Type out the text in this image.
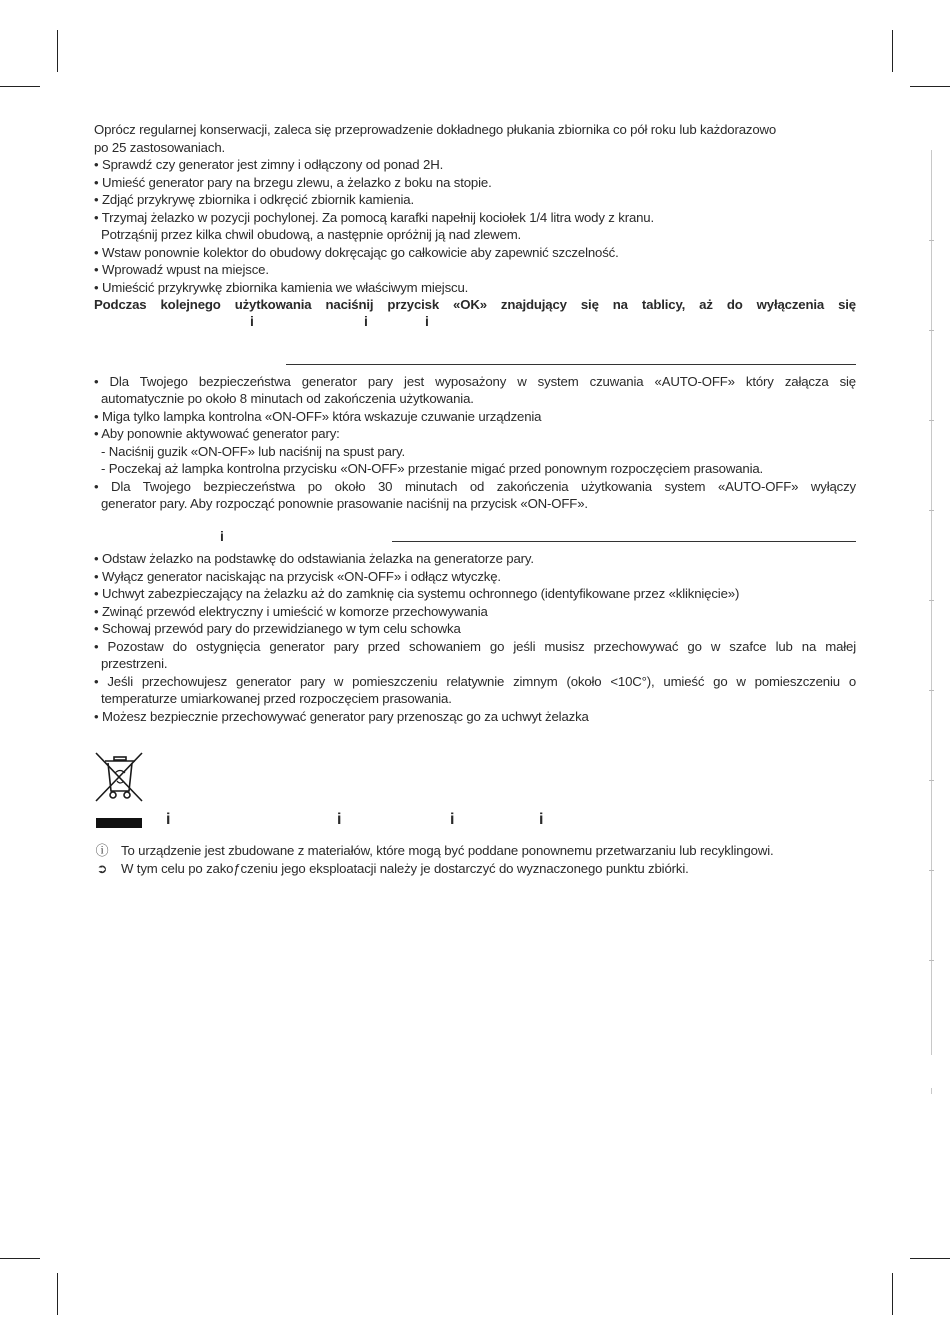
Oprócz regularnej konserwacji, zaleca się przeprowadzenie dokładnego płukania zbiornika co pół roku lub każdorazowo

po 25 zastosowaniach.

• Sprawdź czy generator jest zimny i odłączony od ponad 2H.

• Umieść generator pary na brzegu zlewu, a żelazko z boku na stopie.

• Zdjąć przykrywę zbiornika i odkręcić zbiornik kamienia.

• Trzymaj żelazko w pozycji pochylonej. Za pomocą karafki napełnij kociołek 1/4 litra wody z kranu.

Potrząśnij przez kilka chwil obudową, a następnie opróżnij ją nad zlewem.

• Wstaw ponownie kolektor do obudowy dokręcając go całkowicie aby zapewnić szczelność.

• Wprowadź wpust na miejsce.

• Umieścić przykrywkę zbiornika kamienia we właściwym miejscu.

Podczas kolejnego użytkowania naciśnij przycisk «OK» znajdujący się na tablicy, aż do wyłączenia się

i	i	i

• Dla Twojego bezpieczeństwa generator pary jest wyposażony w system czuwania «AUTO-OFF» który załącza się

automatycznie po około 8 minutach od zakończenia użytkowania.

• Miga tylko lampka kontrolna «ON-OFF» która wskazuje czuwanie urządzenia

• Aby ponownie aktywować generator pary:

- Naciśnij guzik «ON-OFF» lub naciśnij na spust pary.

- Poczekaj aż lampka kontrolna przycisku «ON-OFF» przestanie migać przed ponownym rozpoczęciem prasowania.

• Dla Twojego bezpieczeństwa po około 30 minutach od zakończenia użytkowania system «AUTO-OFF» wyłączy

generator pary. Aby rozpocząć ponownie prasowanie naciśnij na przycisk «ON-OFF».

i

• Odstaw żelazko na podstawkę do odstawiania żelazka na generatorze pary.

• Wyłącz generator naciskając na przycisk «ON-OFF» i odłącz wtyczkę.

• Uchwyt zabezpieczający na żelazku aż do zamknię cia systemu ochronnego (identyfikowane przez «kliknięcie»)

• Zwinąć przewód elektryczny i umieścić w komorze przechowywania

• Schowaj przewód pary do przewidzianego w tym celu schowka

• Pozostaw do ostygnięcia generator pary przed schowaniem go jeśli musisz przechowywać go w szafce lub na małej

przestrzeni.

• Jeśli przechowujesz generator pary w pomieszczeniu relatywnie zimnym (około <10C°), umieść go w pomieszczeniu o

temperaturze umiarkowanej przed rozpoczęciem prasowania.

• Możesz bezpiecznie przechowywać generator pary przenosząc go za uchwyt żelazka

i	i	i	i
ⓘ To urządzenie jest zbudowane z materiałów, które mogą być poddane ponownemu przetwarzaniu lub recyklingowi.
➲ W tym celu po zakoƒczeniu jego eksploatacji należy je dostarczyć do wyznaczonego punktu zbiórki.
